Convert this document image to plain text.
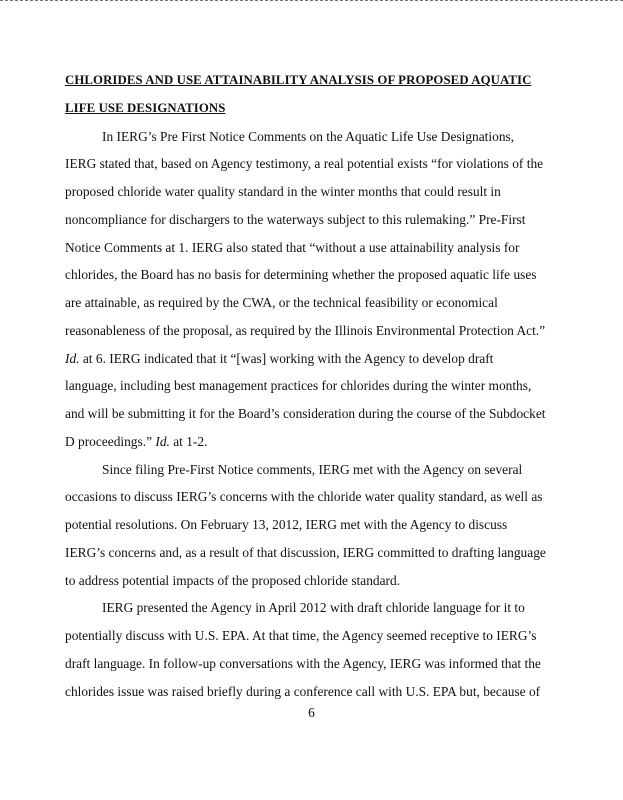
CHLORIDES AND USE ATTAINABILITY ANALYSIS OF PROPOSED AQUATIC
LIFE USE DESIGNATIONS
In IERG’s Pre First Notice Comments on the Aquatic Life Use Designations,
IERG stated that, based on Agency testimony, a real potential exists “for violations of the
proposed chloride water quality standard in the winter months that could result in
noncompliance for dischargers to the waterways subject to this rulemaking.” Pre-First
Notice Comments at 1. IERG also stated that “without a use attainability analysis for
chlorides, the Board has no basis for determining whether the proposed aquatic life uses
are attainable, as required by the CWA, or the technical feasibility or economical
reasonableness of the proposal, as required by the Illinois Environmental Protection Act.”
Id. at 6. IERG indicated that it “[was] working with the Agency to develop draft
language, including best management practices for chlorides during the winter months,
and will be submitting it for the Board’s consideration during the course of the Subdocket
D proceedings.” Id. at 1-2.
Since filing Pre-First Notice comments, IERG met with the Agency on several
occasions to discuss IERG’s concerns with the chloride water quality standard, as well as
potential resolutions. On February 13, 2012, IERG met with the Agency to discuss
IERG’s concerns and, as a result of that discussion, IERG committed to drafting language
to address potential impacts of the proposed chloride standard.
IERG presented the Agency in April 2012 with draft chloride language for it to
potentially discuss with U.S. EPA. At that time, the Agency seemed receptive to IERG’s
draft language. In follow-up conversations with the Agency, IERG was informed that the
chlorides issue was raised briefly during a conference call with U.S. EPA but, because of
6
